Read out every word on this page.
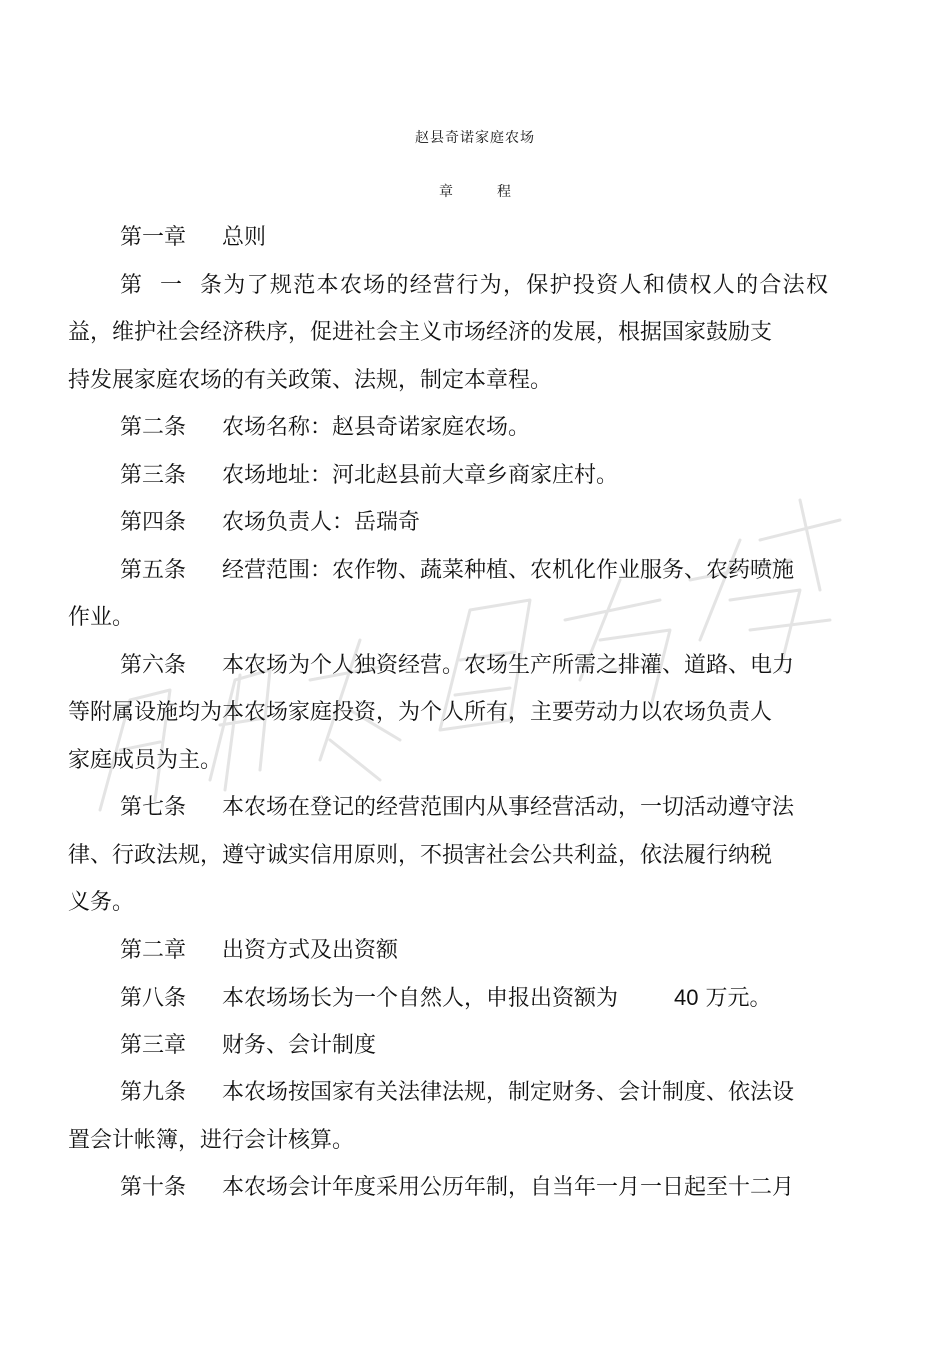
赵县奇诺家庭农场
章	程
第一章 总则
第一条为了规范本农场的经营行为，保护投资人和债权人的合法权
益，维护社会经济秩序，促进社会主义市场经济的发展，根据国家鼓励支
持发展家庭农场的有关政策、法规，制定本章程。
第二条 农场名称：赵县奇诺家庭农场。
第三条 农场地址：河北赵县前大章乡商家庄村。
第四条 农场负责人：岳瑞奇
第五条 经营范围：农作物、蔬菜种植、农机化作业服务、农药喷施
作业。
第六条 本农场为个人独资经营。农场生产所需之排灌、道路、电力
等附属设施均为本农场家庭投资，为个人所有，主要劳动力以农场负责人
家庭成员为主。
第七条 本农场在登记的经营范围内从事经营活动，一切活动遵守法
律、行政法规，遵守诚实信用原则，不损害社会公共利益，依法履行纳税
义务。
第二章 出资方式及出资额
第八条 本农场场长为一个自然人，申报出资额为	40 万元。
第三章 财务、会计制度
第九条 本农场按国家有关法律法规，制定财务、会计制度、依法设
置会计帐簿，进行会计核算。
第十条 本农场会计年度采用公历年制，自当年一月一日起至十二月
